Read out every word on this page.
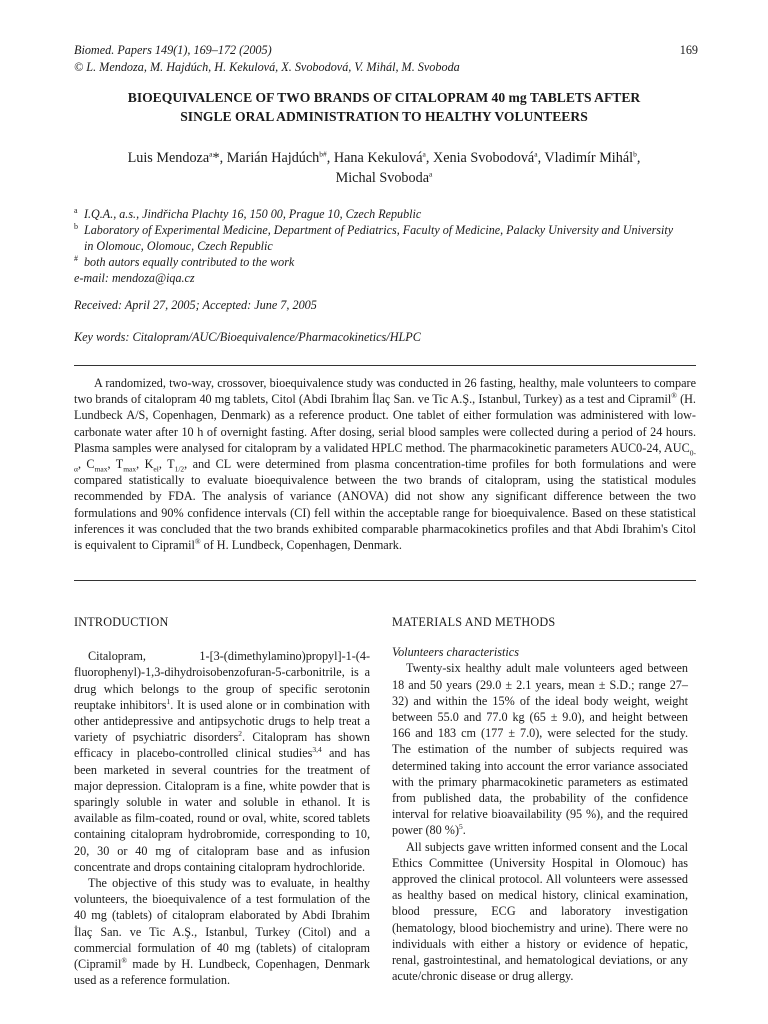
Biomed. Papers 149(1), 169–172 (2005)
© L. Mendoza, M. Hajdúch, H. Kekulová, X. Svobodová, V. Mihál, M. Svoboda
169
BIOEQUIVALENCE OF TWO BRANDS OF CITALOPRAM 40 mg TABLETS AFTER
SINGLE ORAL ADMINISTRATION TO HEALTHY VOLUNTEERS
Luis Mendoza$^a$*, Marián Hajdúch$^{b\#}$, Hana Kekulová$^a$, Xenia Svobodová$^a$, Vladimír Mihál$^b$,
Michal Svoboda$^a$
a I.Q.A., a.s., Jindřicha Plachty 16, 150 00, Prague 10, Czech Republic
b Laboratory of Experimental Medicine, Department of Pediatrics, Faculty of Medicine, Palacky University and University
in Olomouc, Olomouc, Czech Republic
# both autors equally contributed to the work
e-mail: mendoza@iqa.cz
Received: April 27, 2005; Accepted: June 7, 2005
Key words: Citalopram/AUC/Bioequivalence/Pharmacokinetics/HLPC
A randomized, two-way, crossover, bioequivalence study was conducted in 26 fasting, healthy, male volunteers to compare two brands of citalopram 40 mg tablets, Citol (Abdi Ibrahim İlaç San. ve Tic A.Ş., Istanbul, Turkey) as a test and Cipramil® (H. Lundbeck A/S, Copenhagen, Denmark) as a reference product. One tablet of either formulation was administered with low-carbonate water after 10 h of overnight fasting. After dosing, serial blood samples were collected during a period of 24 hours. Plasma samples were analysed for citalopram by a validated HPLC method. The pharmacokinetic parameters AUC0-24, $AUC_{0-\alpha}$, $C_{max}$, $T_{max}$, $K_{el}$, $T_{1/2}$, and CL were determined from plasma concentration-time profiles for both formulations and were compared statistically to evaluate bioequivalence between the two brands of citalopram, using the statistical modules recommended by FDA. The analysis of variance (ANOVA) did not show any significant difference between the two formulations and 90% confidence intervals (CI) fell within the acceptable range for bioequivalence. Based on these statistical inferences it was concluded that the two brands exhibited comparable pharmacokinetics profiles and that Abdi Ibrahim's Citol is equivalent to Cipramil® of H. Lundbeck, Copenhagen, Denmark.
INTRODUCTION

Citalopram, 1-[3-(dimethylamino)propyl]-1-(4-fluorophenyl)-1,3-dihydroisobenzofuran-5-carbonitrile, is a drug which belongs to the group of specific serotonin reuptake inhibitors$^1$. It is used alone or in combination with other antidepressive and antipsychotic drugs to help treat a variety of psychiatric disorders$^2$. Citalopram has shown efficacy in placebo-controlled clinical studies$^{3,4}$ and has been marketed in several countries for the treatment of major depression. Citalopram is a fine, white powder that is sparingly soluble in water and soluble in ethanol. It is available as film-coated, round or oval, white, scored tablets containing citalopram hydrobromide, corresponding to 10, 20, 30 or 40 mg of citalopram base and as infusion concentrate and drops containing citalopram hydrochloride.

The objective of this study was to evaluate, in healthy volunteers, the bioequivalence of a test formulation of the 40 mg (tablets) of citalopram elaborated by Abdi Ibrahim İlaç San. ve Tic A.Ş., Istanbul, Turkey (Citol) and a commercial formulation of 40 mg (tablets) of citalopram (Cipramil® made by H. Lundbeck, Copenhagen, Denmark used as a reference formulation.

MATERIALS AND METHODS
Volunteers characteristics

Twenty-six healthy adult male volunteers aged between 18 and 50 years (29.0 ± 2.1 years, mean ± S.D.; range 27–32) and within the 15% of the ideal body weight, weight between 55.0 and 77.0 kg (65 ± 9.0), and height between 166 and 183 cm (177 ± 7.0), were selected for the study. The estimation of the number of subjects required was determined taking into account the error variance associated with the primary pharmacokinetic parameters as estimated from published data, the probability of the confidence interval for relative bioavailability (95 %), and the required power (80 %)$^5$.

All subjects gave written informed consent and the Local Ethics Committee (University Hospital in Olomouc) has approved the clinical protocol. All volunteers were assessed as healthy based on medical history, clinical examination, blood pressure, ECG and laboratory investigation (hematology, blood biochemistry and urine). There were no individuals with either a history or evidence of hepatic, renal, gastrointestinal, and hematological deviations, or any acute/chronic disease or drug allergy.
